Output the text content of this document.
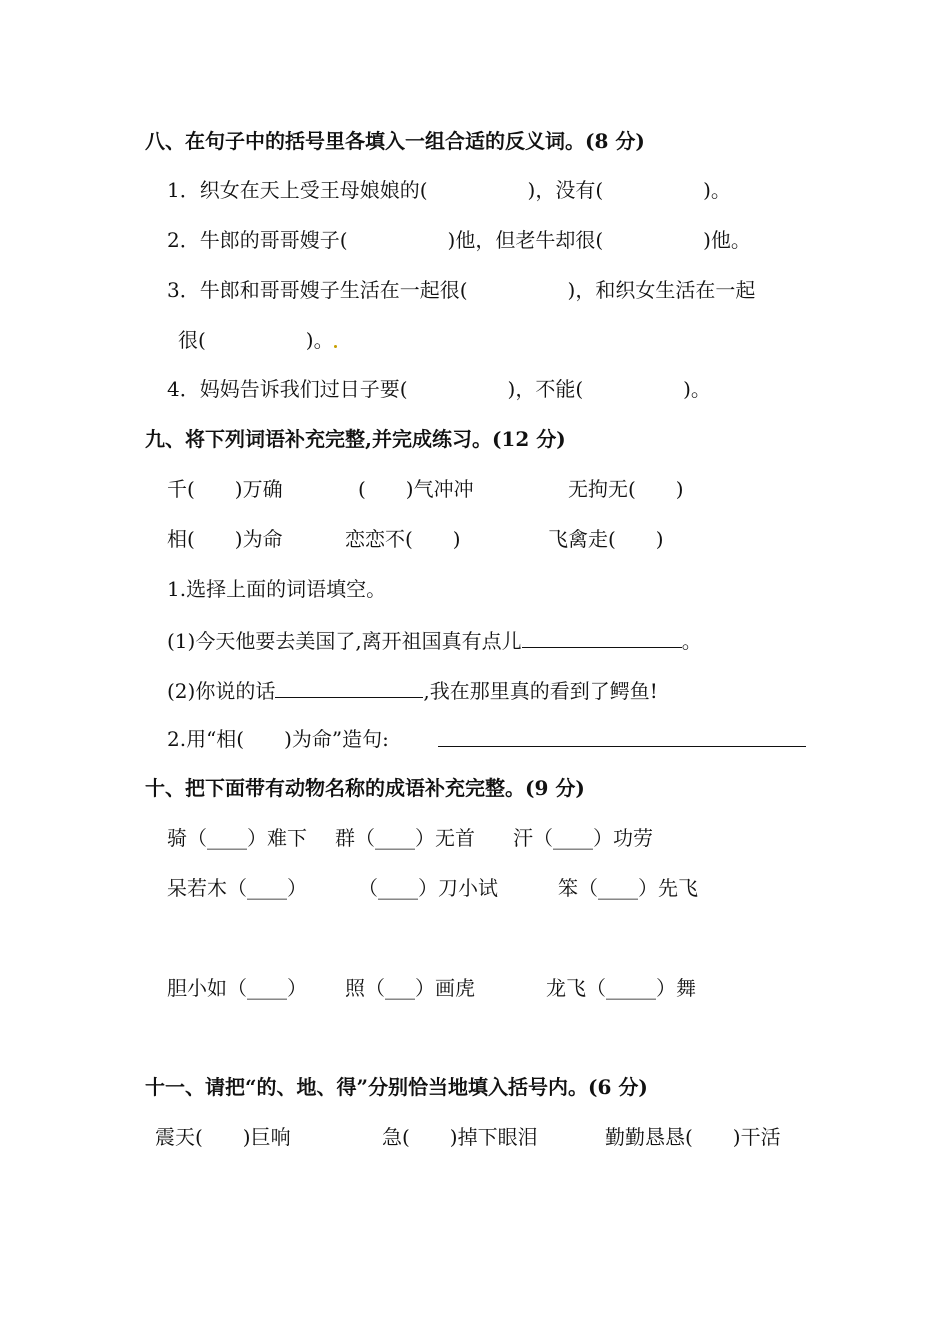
八、在句子中的括号里各填入一组合适的反义词。(8 分)
1．织女在天上受王母娘娘的(　　　　　)，没有(　　　　　)。
2．牛郎的哥哥嫂子(　　　　　)他，但老牛却很(　　　　　)他。
3．牛郎和哥哥嫂子生活在一起很(　　　　　)，和织女生活在一起
很(　　　　　)。
4．妈妈告诉我们过日子要(　　　　　)，不能(　　　　　)。
九、将下列词语补充完整,并完成练习。(12 分)
千(　　)万确	(　　)气冲冲	无拘无(　　)
相(　　)为命	恋恋不(　　)	飞禽走(　　)
1.选择上面的词语填空。
(1)今天他要去美国了,离开祖国真有点儿	。
(2)你说的话	,我在那里真的看到了鳄鱼!
2.用“相(　　)为命”造句:
十、把下面带有动物名称的成语补充完整。(9 分)
骑（____）难下 群（____）无首 汗（____）功劳
呆若木（____）	（____）刀小试	笨（____）先飞
胆小如（____） 照（___）画虎	龙飞（_____）舞
十一、请把“的、地、得”分别恰当地填入括号内。(6 分)
震天(　　)巨响	急(　　)掉下眼泪	勤勤恳恳(　　)干活
